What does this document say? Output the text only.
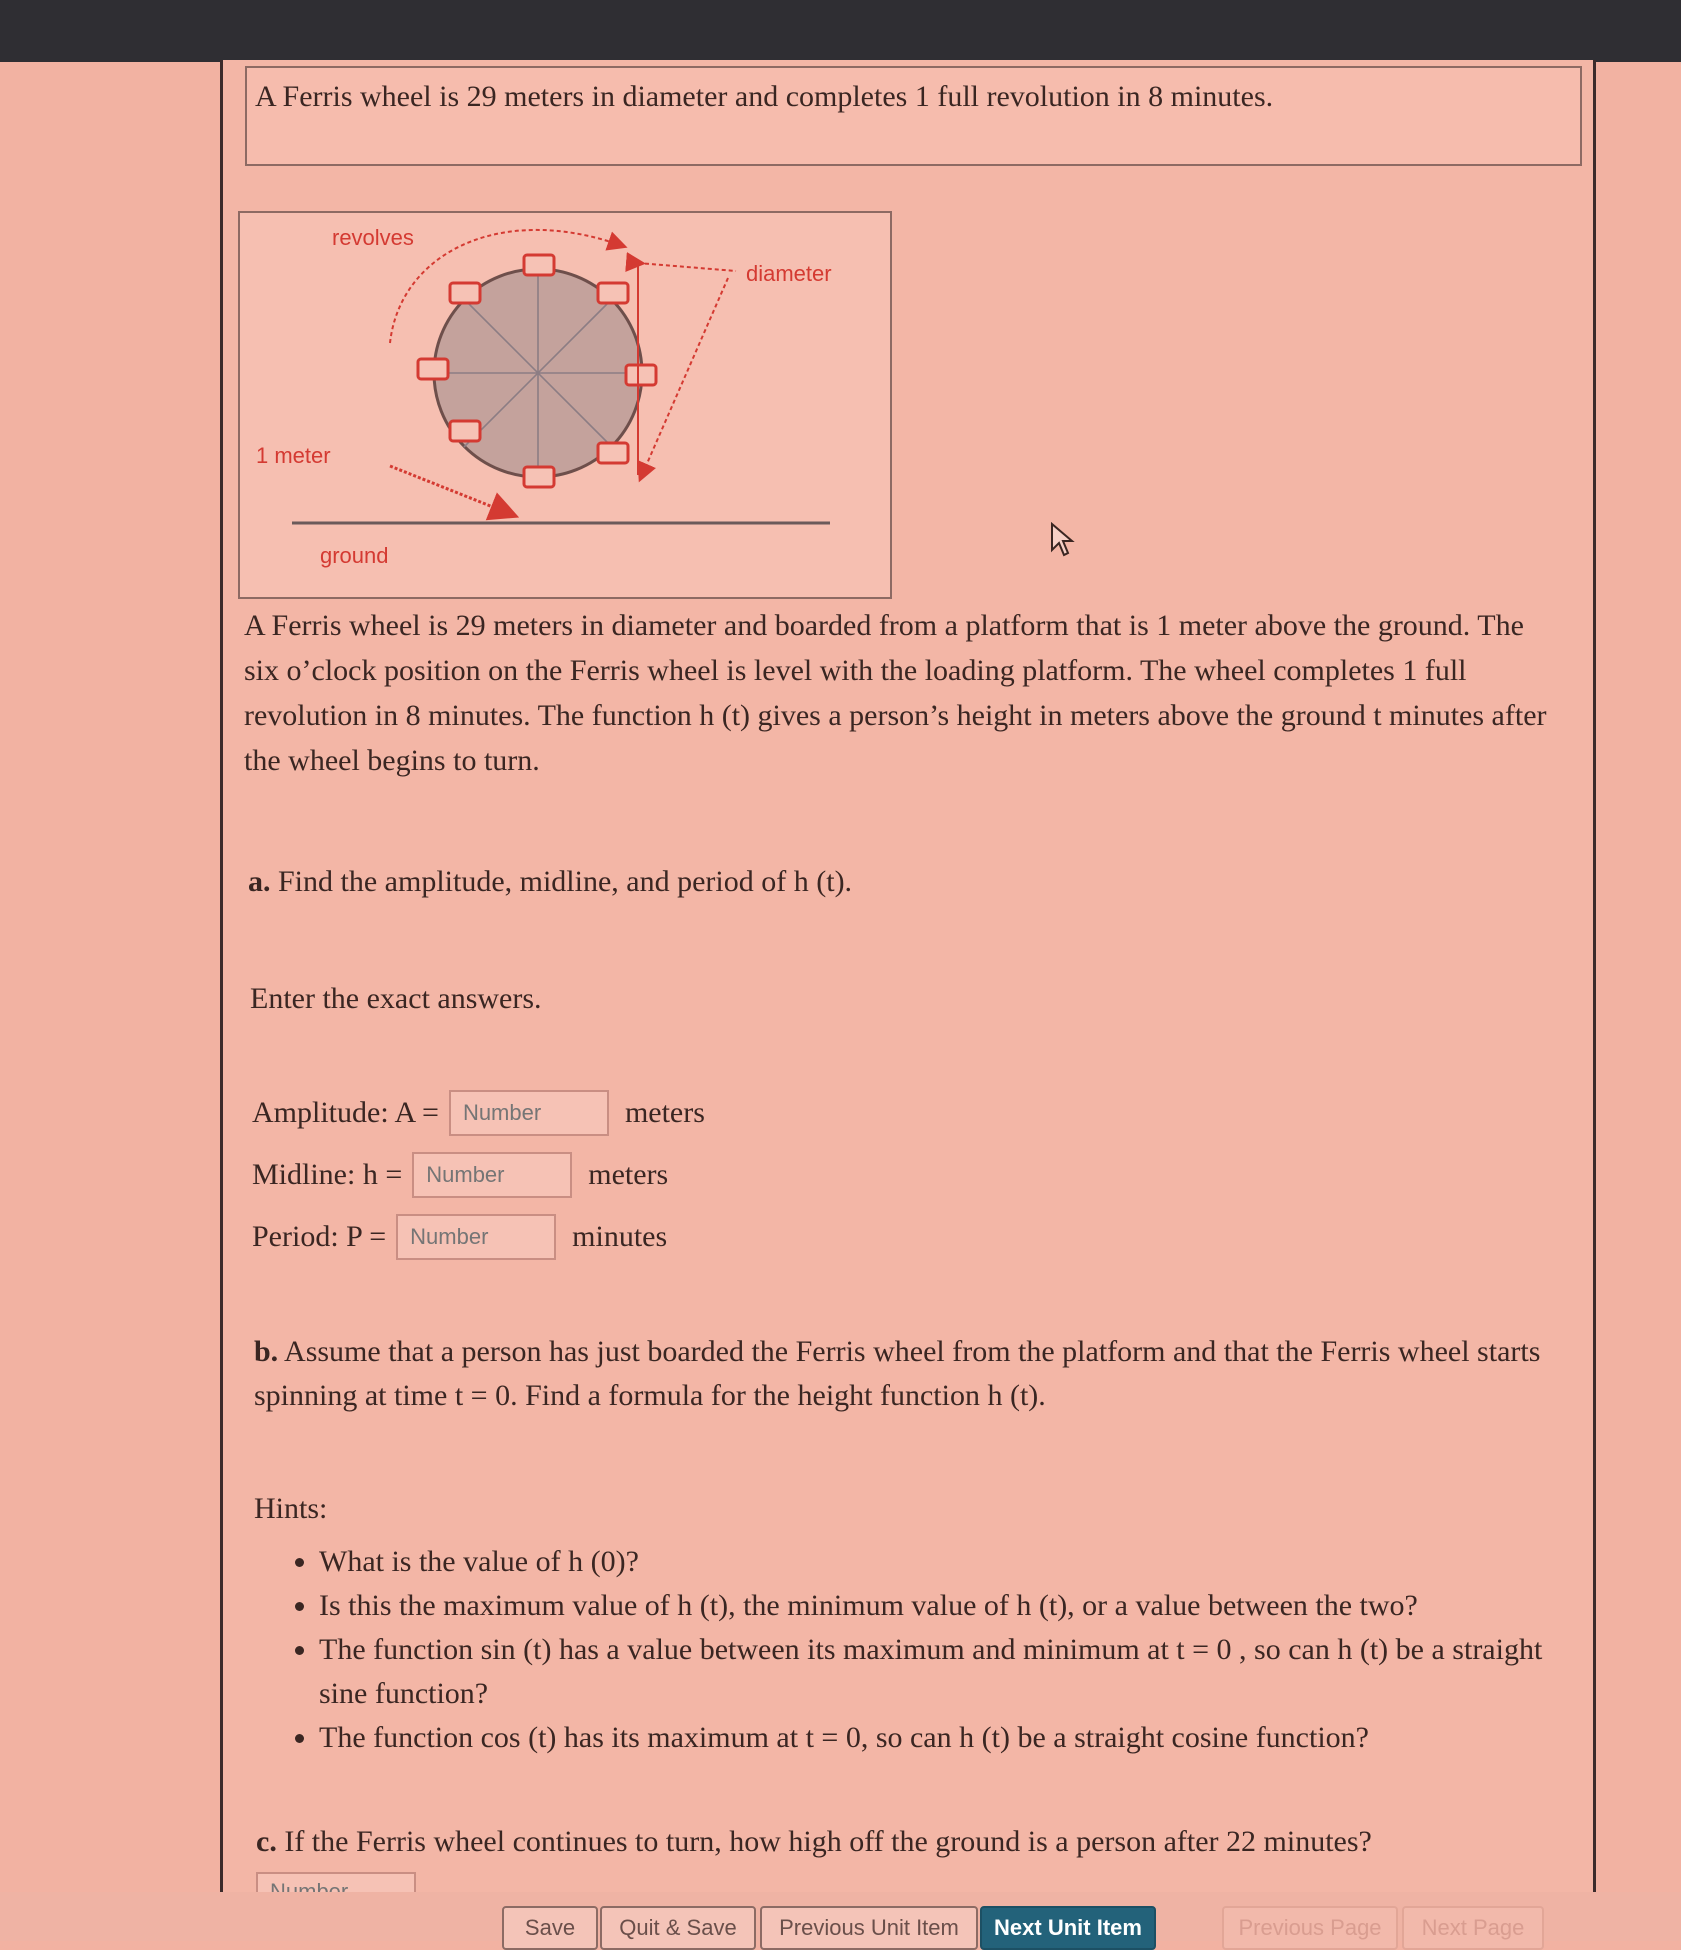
A Ferris wheel is 29 meters in diameter and completes 1 full revolution in 8 minutes.
revolves
diameter
1 meter
ground
A Ferris wheel is 29 meters in diameter and boarded from a platform that is 1 meter above the ground. The six o’clock position on the Ferris wheel is level with the loading platform. The wheel completes 1 full revolution in 8 minutes. The function h (t) gives a person’s height in meters above the ground t minutes after the wheel begins to turn.
a. Find the amplitude, midline, and period of h (t).
Enter the exact answers.
Amplitude: A =
Number	meters
Midline: h =
Number	meters
Period: P =
Number	minutes
b. Assume that a person has just boarded the Ferris wheel from the platform and that the Ferris wheel starts spinning at time t = 0. Find a formula for the height function h (t).
Hints:
• What is the value of h (0)?
• Is this the maximum value of h (t), the minimum value of h (t), or a value between the two?
• The function sin (t) has a value between its maximum and minimum at t = 0 , so can h (t) be a straight sine function?
• The function cos (t) has its maximum at t = 0, so can h (t) be a straight cosine function?
c. If the Ferris wheel continues to turn, how high off the ground is a person after 22 minutes?
Number
Save	Quit & Save	Previous Unit Item	Next Unit Item	Previous Page	Next Page
